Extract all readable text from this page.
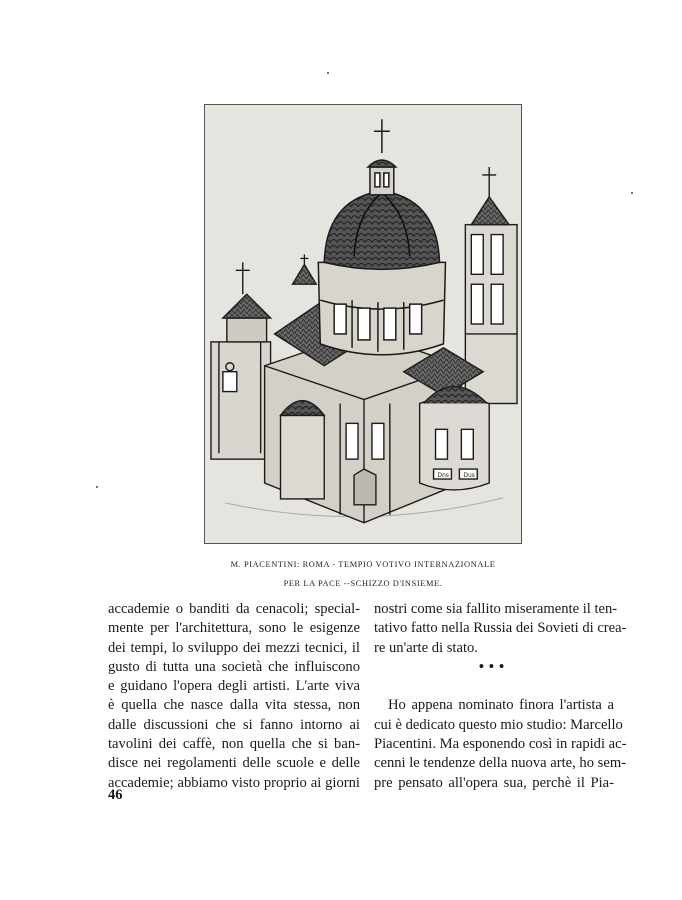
Dns Dus
M. PIACENTINI: ROMA - TEMPIO VOTIVO INTERNAZIONALE
PER LA PACE --SCHIZZO D'INSIEME.
accademie o banditi da cenacoli; special-
mente per l'architettura, sono le esigenze
dei tempi, lo sviluppo dei mezzi tecnici, il
gusto di tutta una società che influiscono
e guidano l'opera degli artisti. L'arte viva
è quella che nasce dalla vita stessa, non
dalle discussioni che si fanno intorno ai
tavolini dei caffè, non quella che si ban-
disce nei regolamenti delle scuole e delle
accademie; abbiamo visto proprio ai giorni
nostri come sia fallito miseramente il ten-
tativo fatto nella Russia dei Sovieti di crea-
re un'arte di stato.
•••
Ho appena nominato finora l'artista a
cui è dedicato questo mio studio: Marcello
Piacentini. Ma esponendo così in rapidi ac-
cenni le tendenze della nuova arte, ho sem-
pre pensato all'opera sua, perchè il Pia-
46
